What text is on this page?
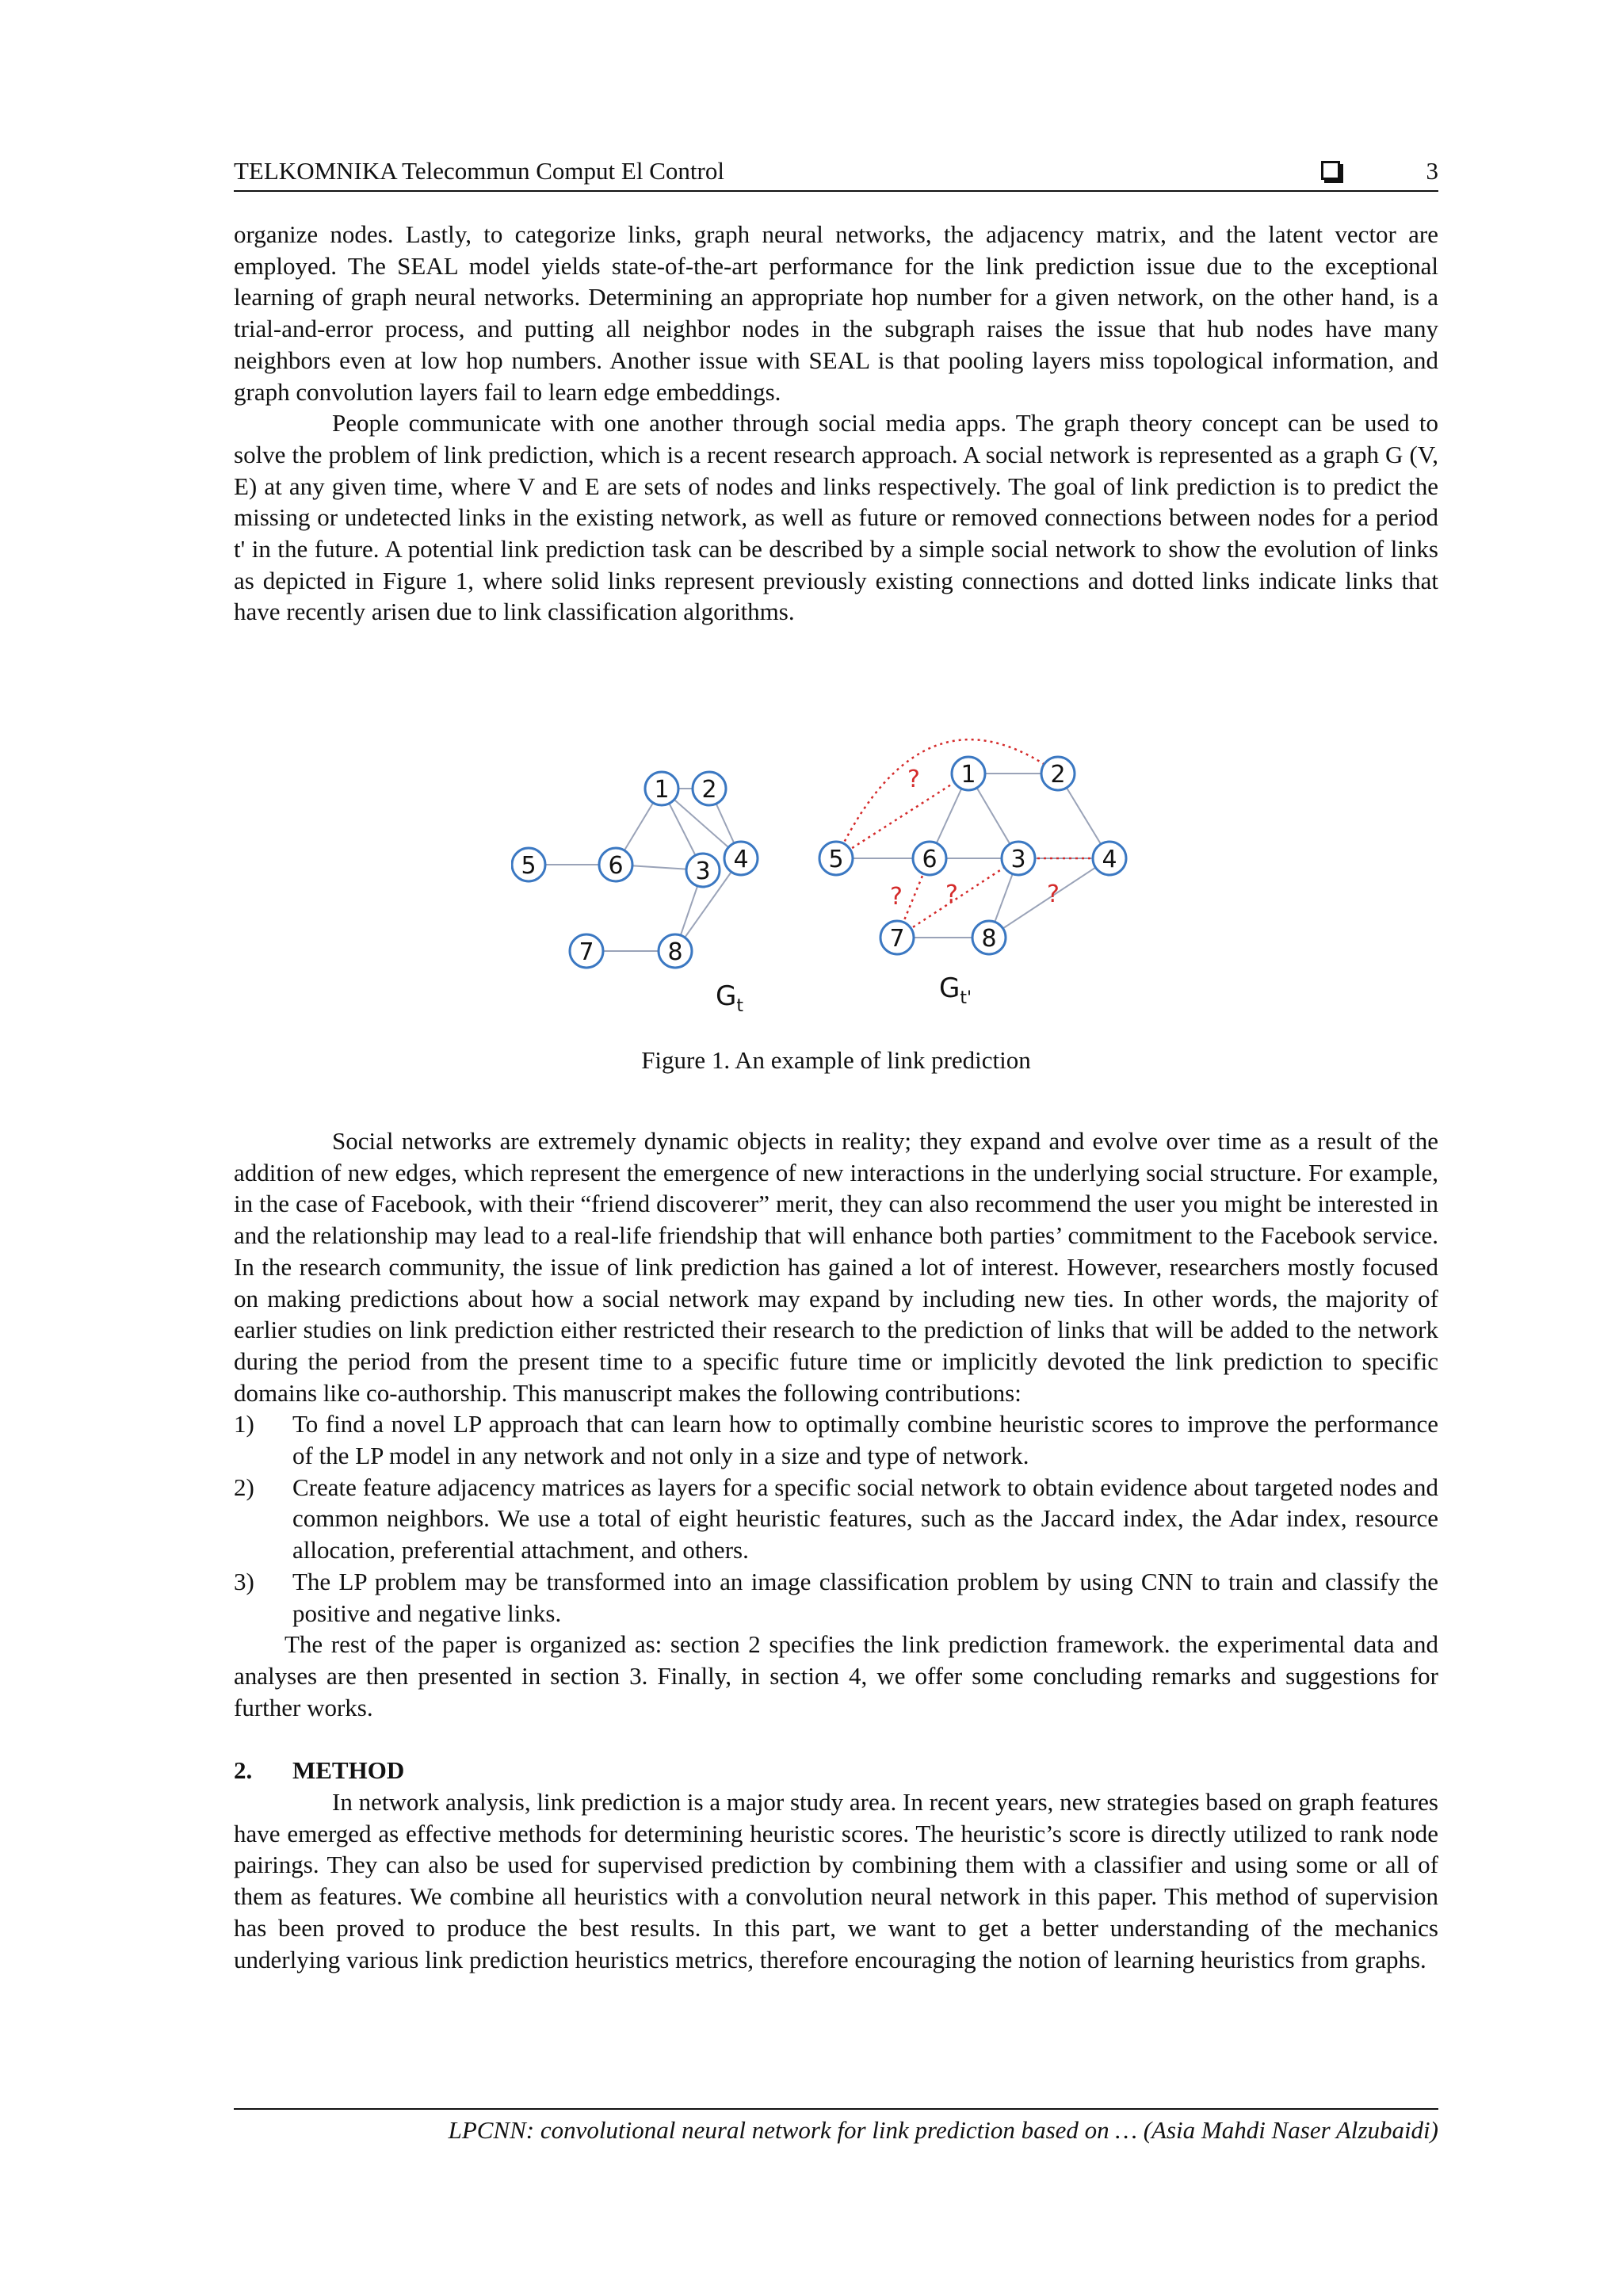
TELKOMNIKA Telecommun Comput El Control	3

organize nodes. Lastly, to categorize links, graph neural networks, the adjacency matrix, and the latent vector are employed. The SEAL model yields state-of-the-art performance for the link prediction issue due to the exceptional learning of graph neural networks. Determining an appropriate hop number for a given network, on the other hand, is a trial-and-error process, and putting all neighbor nodes in the subgraph raises the issue that hub nodes have many neighbors even at low hop numbers. Another issue with SEAL is that pooling layers miss topological information, and graph convolution layers fail to learn edge embeddings.

People communicate with one another through social media apps. The graph theory concept can be used to solve the problem of link prediction, which is a recent research approach. A social network is represented as a graph G (V, E) at any given time, where V and E are sets of nodes and links respectively. The goal of link prediction is to predict the missing or undetected links in the existing network, as well as future or removed connections between nodes for a period t' in the future. A potential link prediction task can be described by a simple social network to show the evolution of links as depicted in Figure 1, where solid links represent previously existing connections and dotted links indicate links that have recently arisen due to link classification algorithms.

?
? ?	?
1 2
3 4
5	6
7	8
1	2
3	4
5	6
7	8
$G_t$
$G_{t'}$
Figure 1. An example of link prediction

Social networks are extremely dynamic objects in reality; they expand and evolve over time as a result of the addition of new edges, which represent the emergence of new interactions in the underlying social structure. For example, in the case of Facebook, with their “friend discoverer” merit, they can also recommend the user you might be interested in and the relationship may lead to a real-life friendship that will enhance both parties’ commitment to the Facebook service. In the research community, the issue of link prediction has gained a lot of interest. However, researchers mostly focused on making predictions about how a social network may expand by including new ties. In other words, the majority of earlier studies on link prediction either restricted their research to the prediction of links that will be added to the network during the period from the present time to a specific future time or implicitly devoted the link prediction to specific domains like co-authorship. This manuscript makes the following contributions:

1) To find a novel LP approach that can learn how to optimally combine heuristic scores to improve the performance of the LP model in any network and not only in a size and type of network.
2) Create feature adjacency matrices as layers for a specific social network to obtain evidence about targeted nodes and common neighbors. We use a total of eight heuristic features, such as the Jaccard index, the Adar index, resource allocation, preferential attachment, and others.
3) The LP problem may be transformed into an image classification problem by using CNN to train and classify the positive and negative links.

The rest of the paper is organized as: section 2 specifies the link prediction framework. the experimental data and analyses are then presented in section 3. Finally, in section 4, we offer some concluding remarks and suggestions for further works.

2. METHOD

In network analysis, link prediction is a major study area. In recent years, new strategies based on graph features have emerged as effective methods for determining heuristic scores. The heuristic’s score is directly utilized to rank node pairings. They can also be used for supervised prediction by combining them with a classifier and using some or all of them as features. We combine all heuristics with a convolution neural network in this paper. This method of supervision has been proved to produce the best results. In this part, we want to get a better understanding of the mechanics underlying various link prediction heuristics metrics, therefore encouraging the notion of learning heuristics from graphs.

LPCNN: convolutional neural network for link prediction based on … (Asia Mahdi Naser Alzubaidi)
